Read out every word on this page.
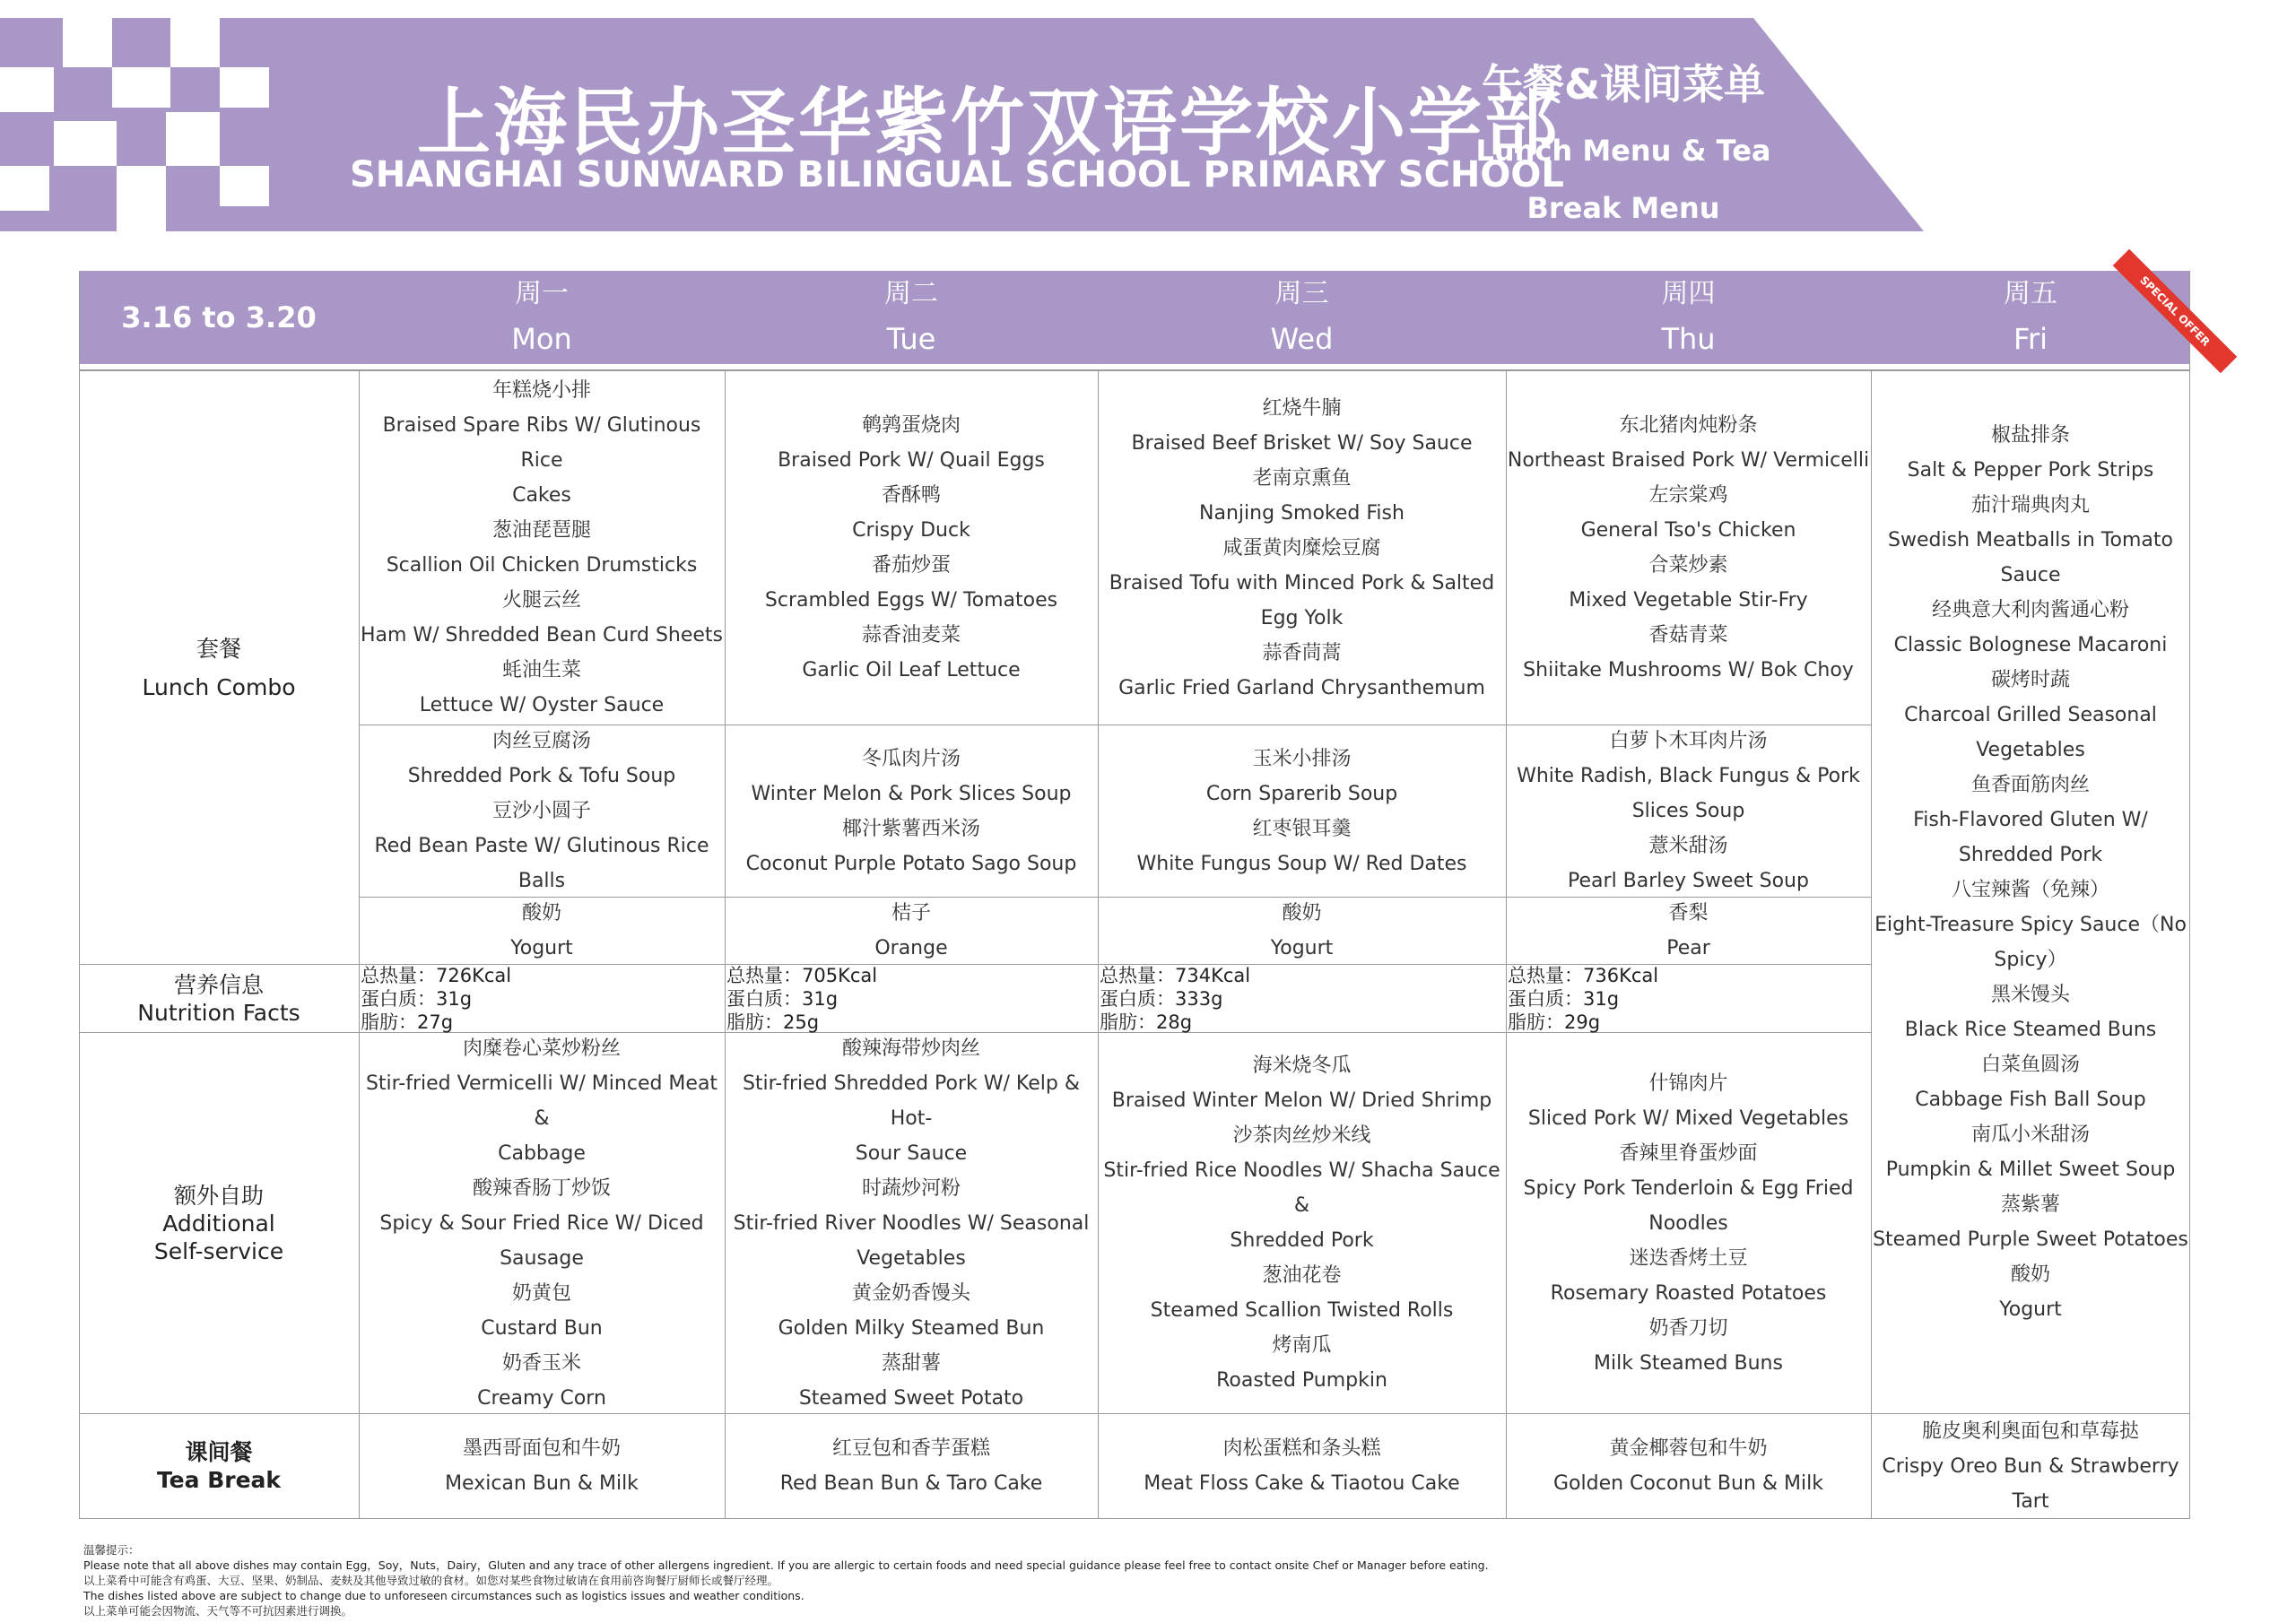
上海民办圣华紫竹双语学校小学部
SHANGHAI SUNWARD BILINGUAL SCHOOL PRIMARY SCHOOL
午餐&课间菜单
Lunch Menu & Tea Break Menu
3.16 to 3.20
周一
Mon
周二
Tue
周三
Wed
周四
Thu
周五
Fri
套餐
Lunch Combo
营养信息
Nutrition Facts
额外自助
Additional
Self-service
课间餐
Tea Break
年糕烧小排
Braised Spare Ribs W/ Glutinous Rice
Cakes
葱油琵琶腿
Scallion Oil Chicken Drumsticks
火腿云丝
Ham W/ Shredded Bean Curd Sheets
蚝油生菜
Lettuce W/ Oyster Sauce
鹌鹑蛋烧肉
Braised Pork W/ Quail Eggs
香酥鸭
Crispy Duck
番茄炒蛋
Scrambled Eggs W/ Tomatoes
蒜香油麦菜
Garlic Oil Leaf Lettuce
红烧牛腩
Braised Beef Brisket W/ Soy Sauce
老南京熏鱼
Nanjing Smoked Fish
咸蛋黄肉糜烩豆腐
Braised Tofu with Minced Pork & Salted
Egg Yolk
蒜香茼蒿
Garlic Fried Garland Chrysanthemum
东北猪肉炖粉条
Northeast Braised Pork W/ Vermicelli
左宗棠鸡
General Tso's Chicken
合菜炒素
Mixed Vegetable Stir-Fry
香菇青菜
Shiitake Mushrooms W/ Bok Choy
肉丝豆腐汤
Shredded Pork & Tofu Soup
豆沙小圆子
Red Bean Paste W/ Glutinous Rice
Balls
冬瓜肉片汤
Winter Melon & Pork Slices Soup
椰汁紫薯西米汤
Coconut Purple Potato Sago Soup
玉米小排汤
Corn Sparerib Soup
红枣银耳羹
White Fungus Soup W/ Red Dates
白萝卜木耳肉片汤
White Radish, Black Fungus & Pork
Slices Soup
薏米甜汤
Pearl Barley Sweet Soup
酸奶
Yogurt
桔子
Orange
酸奶
Yogurt
香梨
Pear
椒盐排条
Salt & Pepper Pork Strips
茄汁瑞典肉丸
Swedish Meatballs in Tomato
Sauce
经典意大利肉酱通心粉
Classic Bolognese Macaroni
碳烤时蔬
Charcoal Grilled Seasonal
Vegetables
鱼香面筋肉丝
Fish-Flavored Gluten W/
Shredded Pork
八宝辣酱（免辣）
Eight-Treasure Spicy Sauce（No
Spicy）
黑米馒头
Black Rice Steamed Buns
白菜鱼圆汤
Cabbage Fish Ball Soup
南瓜小米甜汤
Pumpkin & Millet Sweet Soup
蒸紫薯
Steamed Purple Sweet Potatoes
酸奶
Yogurt
总热量：726Kcal
蛋白质：31g
脂肪：27g
总热量：705Kcal
蛋白质：31g
脂肪：25g
总热量：734Kcal
蛋白质：333g
脂肪：28g
总热量：736Kcal
蛋白质：31g
脂肪：29g
肉糜卷心菜炒粉丝
Stir-fried Vermicelli W/ Minced Meat &
Cabbage
酸辣香肠丁炒饭
Spicy & Sour Fried Rice W/ Diced
Sausage
奶黄包
Custard Bun
奶香玉米
Creamy Corn
酸辣海带炒肉丝
Stir-fried Shredded Pork W/ Kelp & Hot-
Sour Sauce
时蔬炒河粉
Stir-fried River Noodles W/ Seasonal
Vegetables
黄金奶香馒头
Golden Milky Steamed Bun
蒸甜薯
Steamed Sweet Potato
海米烧冬瓜
Braised Winter Melon W/ Dried Shrimp
沙茶肉丝炒米线
Stir-fried Rice Noodles W/ Shacha Sauce &
Shredded Pork
葱油花卷
Steamed Scallion Twisted Rolls
烤南瓜
Roasted Pumpkin
什锦肉片
Sliced Pork W/ Mixed Vegetables
香辣里脊蛋炒面
Spicy Pork Tenderloin & Egg Fried
Noodles
迷迭香烤土豆
Rosemary Roasted Potatoes
奶香刀切
Milk Steamed Buns
墨西哥面包和牛奶
Mexican Bun & Milk
红豆包和香芋蛋糕
Red Bean Bun & Taro Cake
肉松蛋糕和条头糕
Meat Floss Cake & Tiaotou Cake
黄金椰蓉包和牛奶
Golden Coconut Bun & Milk
脆皮奥利奥面包和草莓挞
Crispy Oreo Bun & Strawberry
Tart
SPECIAL OFFER
温馨提示：
Please note that all above dishes may contain Egg，Soy，Nuts，Dairy，Gluten and any trace of other allergens ingredient. If you are allergic to certain foods and need special guidance please feel free to contact onsite Chef or Manager before eating.
以上菜肴中可能含有鸡蛋、大豆、坚果、奶制品、麦麸及其他导致过敏的食材。如您对某些食物过敏请在食用前咨询餐厅厨师长或餐厅经理。
The dishes listed above are subject to change due to unforeseen circumstances such as logistics issues and weather conditions.
以上菜单可能会因物流、天气等不可抗因素进行调换。
